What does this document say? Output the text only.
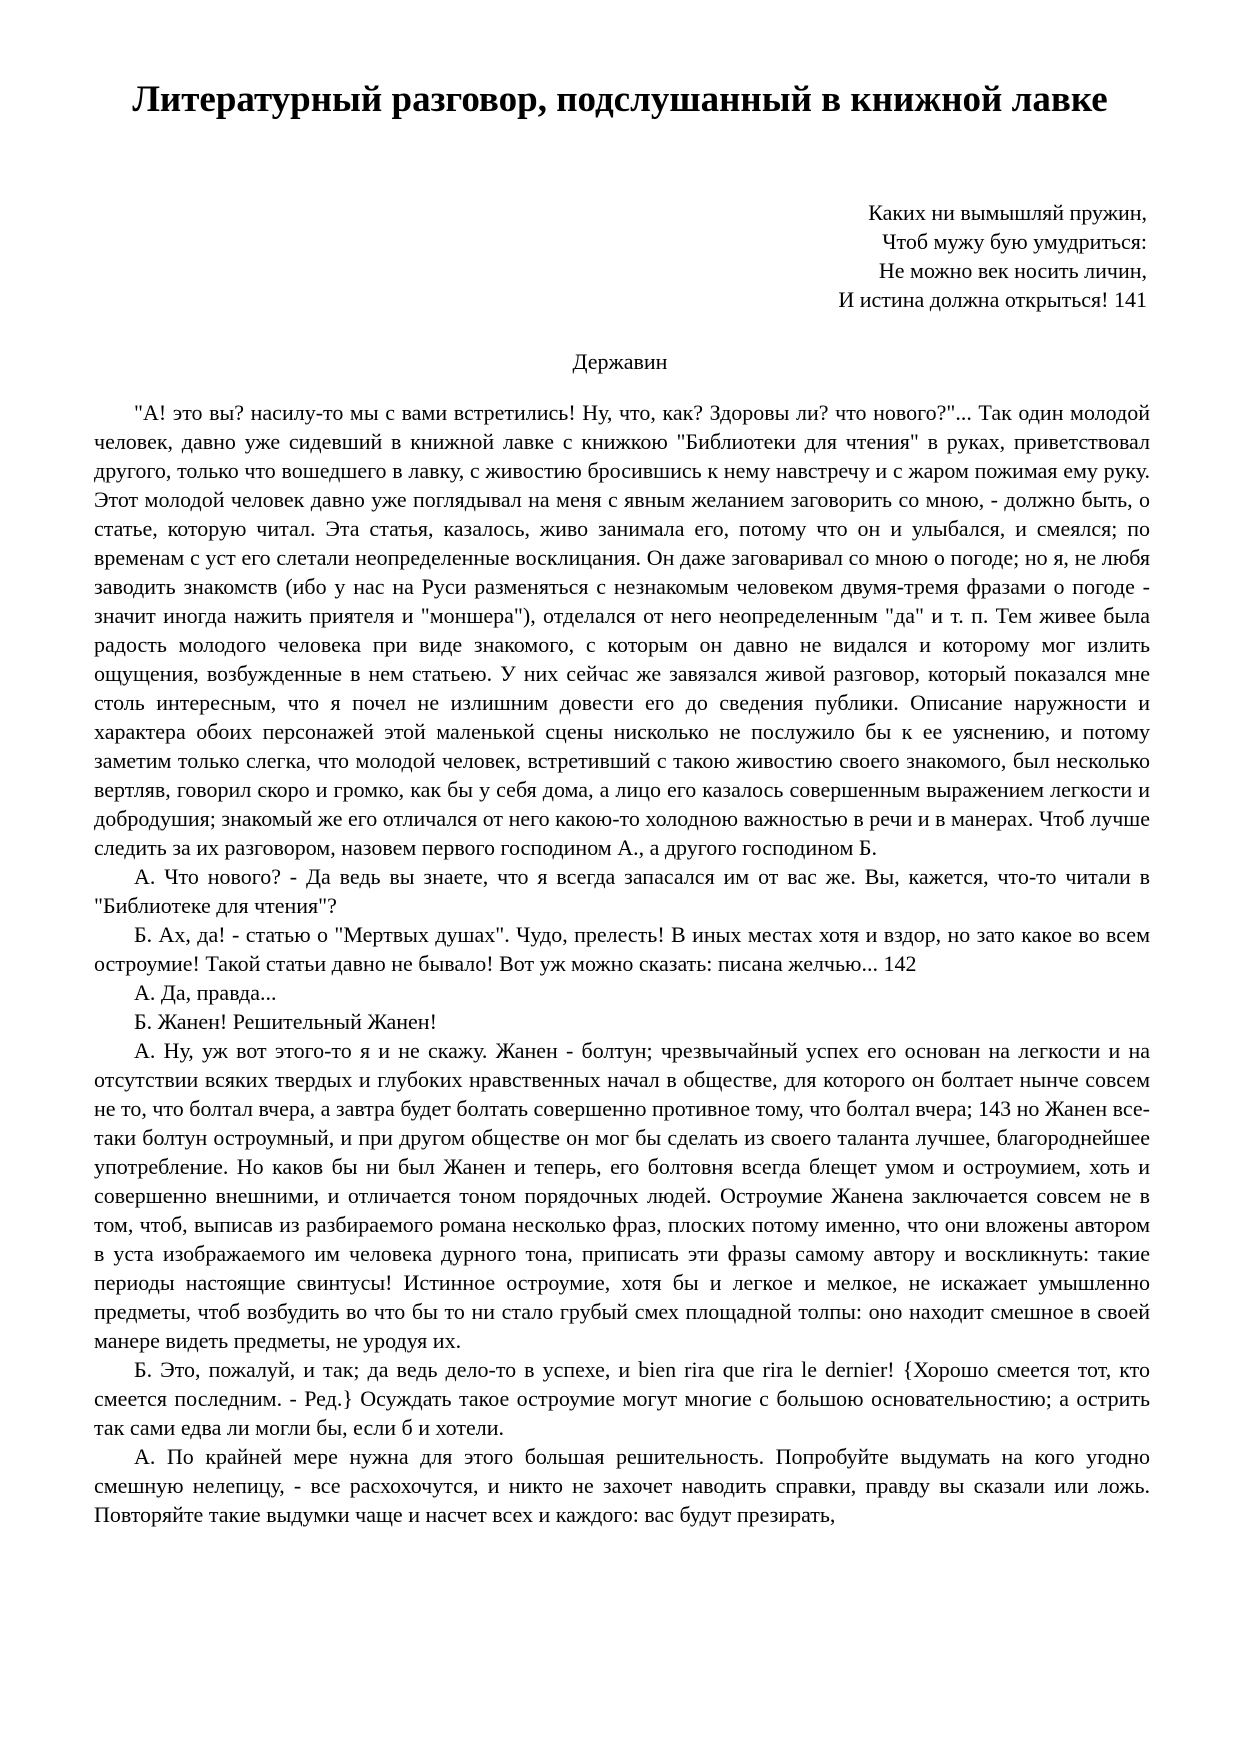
Литературный разговор, подслушанный в книжной лавке
Каких ни вымышляй пружин,
Чтоб мужу бую умудриться:
Не можно век носить личин,
И истина должна открыться! 141
Державин

"А! это вы? насилу-то мы с вами встретились! Ну, что, как? Здоровы ли? что нового?"... Так один молодой человек, давно уже сидевший в книжной лавке с книжкою "Библиотеки для чтения" в руках, приветствовал другого, только что вошедшего в лавку, с живостию бросившись к нему навстречу и с жаром пожимая ему руку. Этот молодой человек давно уже поглядывал на меня с явным желанием заговорить со мною, - должно быть, о статье, которую читал. Эта статья, казалось, живо занимала его, потому что он и улыбался, и смеялся; по временам с уст его слетали неопределенные восклицания. Он даже заговаривал со мною о погоде; но я, не любя заводить знакомств (ибо у нас на Руси разменяться с незнакомым человеком двумя-тремя фразами о погоде - значит иногда нажить приятеля и "моншера"), отделался от него неопределенным "да" и т. п. Тем живее была радость молодого человека при виде знакомого, с которым он давно не видался и которому мог излить ощущения, возбужденные в нем статьею. У них сейчас же завязался живой разговор, который показался мне столь интересным, что я почел не излишним довести его до сведения публики. Описание наружности и характера обоих персонажей этой маленькой сцены нисколько не послужило бы к ее уяснению, и потому заметим только слегка, что молодой человек, встретивший с такою живостию своего знакомого, был несколько вертляв, говорил скоро и громко, как бы у себя дома, а лицо его казалось совершенным выражением легкости и добродушия; знакомый же его отличался от него какою-то холодною важностью в речи и в манерах. Чтоб лучше следить за их разговором, назовем первого господином А., а другого господином Б.

А. Что нового? - Да ведь вы знаете, что я всегда запасался им от вас же. Вы, кажется, что-то читали в "Библиотеке для чтения"?

Б. Ах, да! - статью о "Мертвых душах". Чудо, прелесть! В иных местах хотя и вздор, но зато какое во всем остроумие! Такой статьи давно не бывало! Вот уж можно сказать: писана желчью... 142

А. Да, правда...

Б. Жанен! Решительный Жанен!

А. Ну, уж вот этого-то я и не скажу. Жанен - болтун; чрезвычайный успех его основан на легкости и на отсутствии всяких твердых и глубоких нравственных начал в обществе, для которого он болтает нынче совсем не то, что болтал вчера, а завтра будет болтать совершенно противное тому, что болтал вчера; 143 но Жанен все-таки болтун остроумный, и при другом обществе он мог бы сделать из своего таланта лучшее, благороднейшее употребление. Но каков бы ни был Жанен и теперь, его болтовня всегда блещет умом и остроумием, хоть и совершенно внешними, и отличается тоном порядочных людей. Остроумие Жанена заключается совсем не в том, чтоб, выписав из разбираемого романа несколько фраз, плоских потому именно, что они вложены автором в уста изображаемого им человека дурного тона, приписать эти фразы самому автору и воскликнуть: такие периоды настоящие свинтусы! Истинное остроумие, хотя бы и легкое и мелкое, не искажает умышленно предметы, чтоб возбудить во что бы то ни стало грубый смех площадной толпы: оно находит смешное в своей манере видеть предметы, не уродуя их.

Б. Это, пожалуй, и так; да ведь дело-то в успехе, и bien rira que rira le dernier! {Хорошо смеется тот, кто смеется последним. - Ред.} Осуждать такое остроумие могут многие с большою основательностию; а острить так сами едва ли могли бы, если б и хотели.

А. По крайней мере нужна для этого большая решительность. Попробуйте выдумать на кого угодно смешную нелепицу, - все расхохочутся, и никто не захочет наводить справки, правду вы сказали или ложь. Повторяйте такие выдумки чаще и насчет всех и каждого: вас будут презирать,
